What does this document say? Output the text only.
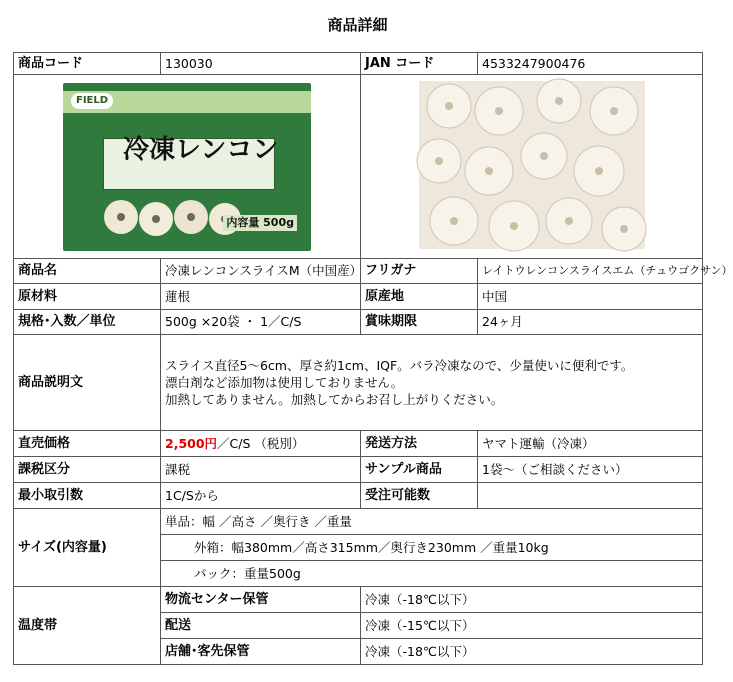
商品詳細
商品コード	130030	JAN コード	4533247900476

FIELD
冷凍レンコン
内容量 500g

商品名	冷凍レンコンスライスM（中国産）	フリガナ	レイトウレンコンスライスエム（チュウゴクサン）
原材料	蓮根	原産地	中国
規格･入数／単位	500g ×20袋 ・ 1／C/S	賞味期限	24ヶ月
商品説明文	スライス直径5～6cm、厚さ約1cm、IQF。バラ冷凍なので、少量使いに便利です。
漂白剤など添加物は使用しておりません。
加熱してありません。加熱してからお召し上がりください。		

直売価格	2,500円／C/S （税別）	発送方法	ヤマト運輸（冷凍）
課税区分	課税	サンプル商品	1袋～（ご相談ください）
最小取引数	1C/Sから	受注可能数	
サイズ(内容量)	単品：幅 ／高さ ／奥行き ／重量		
	外箱：幅380mm／高さ315mm／奥行き230mm ／重量10kg		
	パック：重量500g		
温度帯	物流センター保管	冷凍（-18℃以下）	
	配送	冷凍（-15℃以下）	
	店舗･客先保管	冷凍（-18℃以下）	
